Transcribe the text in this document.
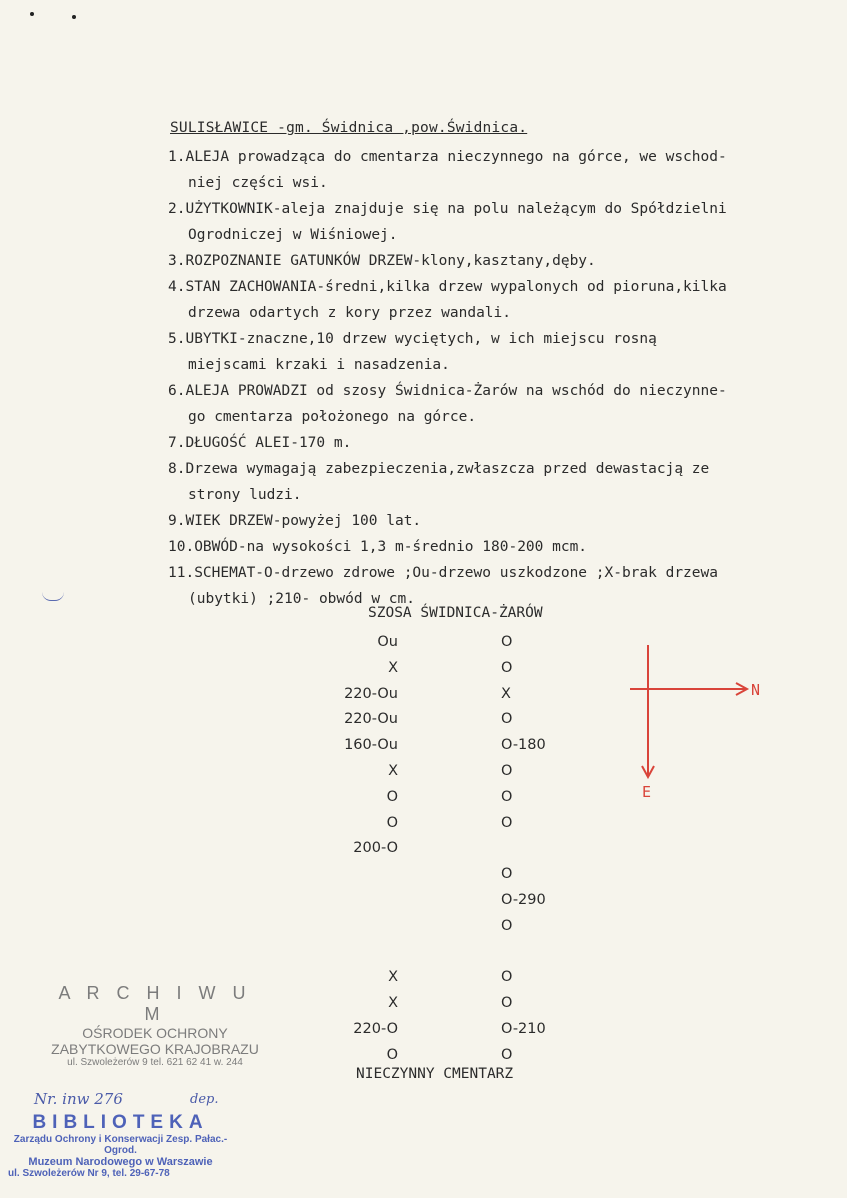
SULISŁAWICE -gm. Świdnica ,pow.Świdnica.
1.ALEJA prowadząca do cmentarza nieczynnego na górce, we wschod-
niej części wsi.
2.UŻYTKOWNIK-aleja znajduje się na polu należącym do Spółdzielni
Ogrodniczej w Wiśniowej.
3.ROZPOZNANIE GATUNKÓW DRZEW-klony,kasztany,dęby.
4.STAN ZACHOWANIA-średni,kilka drzew wypalonych od pioruna,kilka
drzewa odartych z kory przez wandali.
5.UBYTKI-znaczne,10 drzew wyciętych, w ich miejscu rosną
miejscami krzaki i nasadzenia.
6.ALEJA PROWADZI od szosy Świdnica-Żarów na wschód do nieczynne-
go cmentarza położonego na górce.
7.DŁUGOŚĆ ALEI-170 m.
8.Drzewa wymagają zabezpieczenia,zwłaszcza przed dewastacją ze
strony ludzi.
9.WIEK DRZEW-powyżej 100 lat.
10.OBWÓD-na wysokości 1,3 m-średnio 180-200 mcm.
11.SCHEMAT-O-drzewo zdrowe ;Ou-drzewo uszkodzone ;X-brak drzewa
(ubytki) ;210- obwód w cm.
SZOSA ŚWIDNICA-ŻARÓW
Ou
X
220-Ou
220-Ou
160-Ou
X
O
O
200-O
X
X
220-O
O
O
O
X
O
O-180
O
O
O
O
O-290
O
O
O
O-210
O
NIECZYNNY CMENTARZ
N
E
A R C H I W U M
OŚRODEK OCHRONY
ZABYTKOWEGO KRAJOBRAZU
ul. Szwoleżerów 9 tel. 621 62 41 w. 244
Nr. inw 276	dep.
BIBLIOTEKA
Zarządu Ochrony i Konserwacji Zesp. Pałac.-Ogrod.
Muzeum Narodowego w Warszawie
ul. Szwoleżerów Nr 9, tel. 29-67-78
